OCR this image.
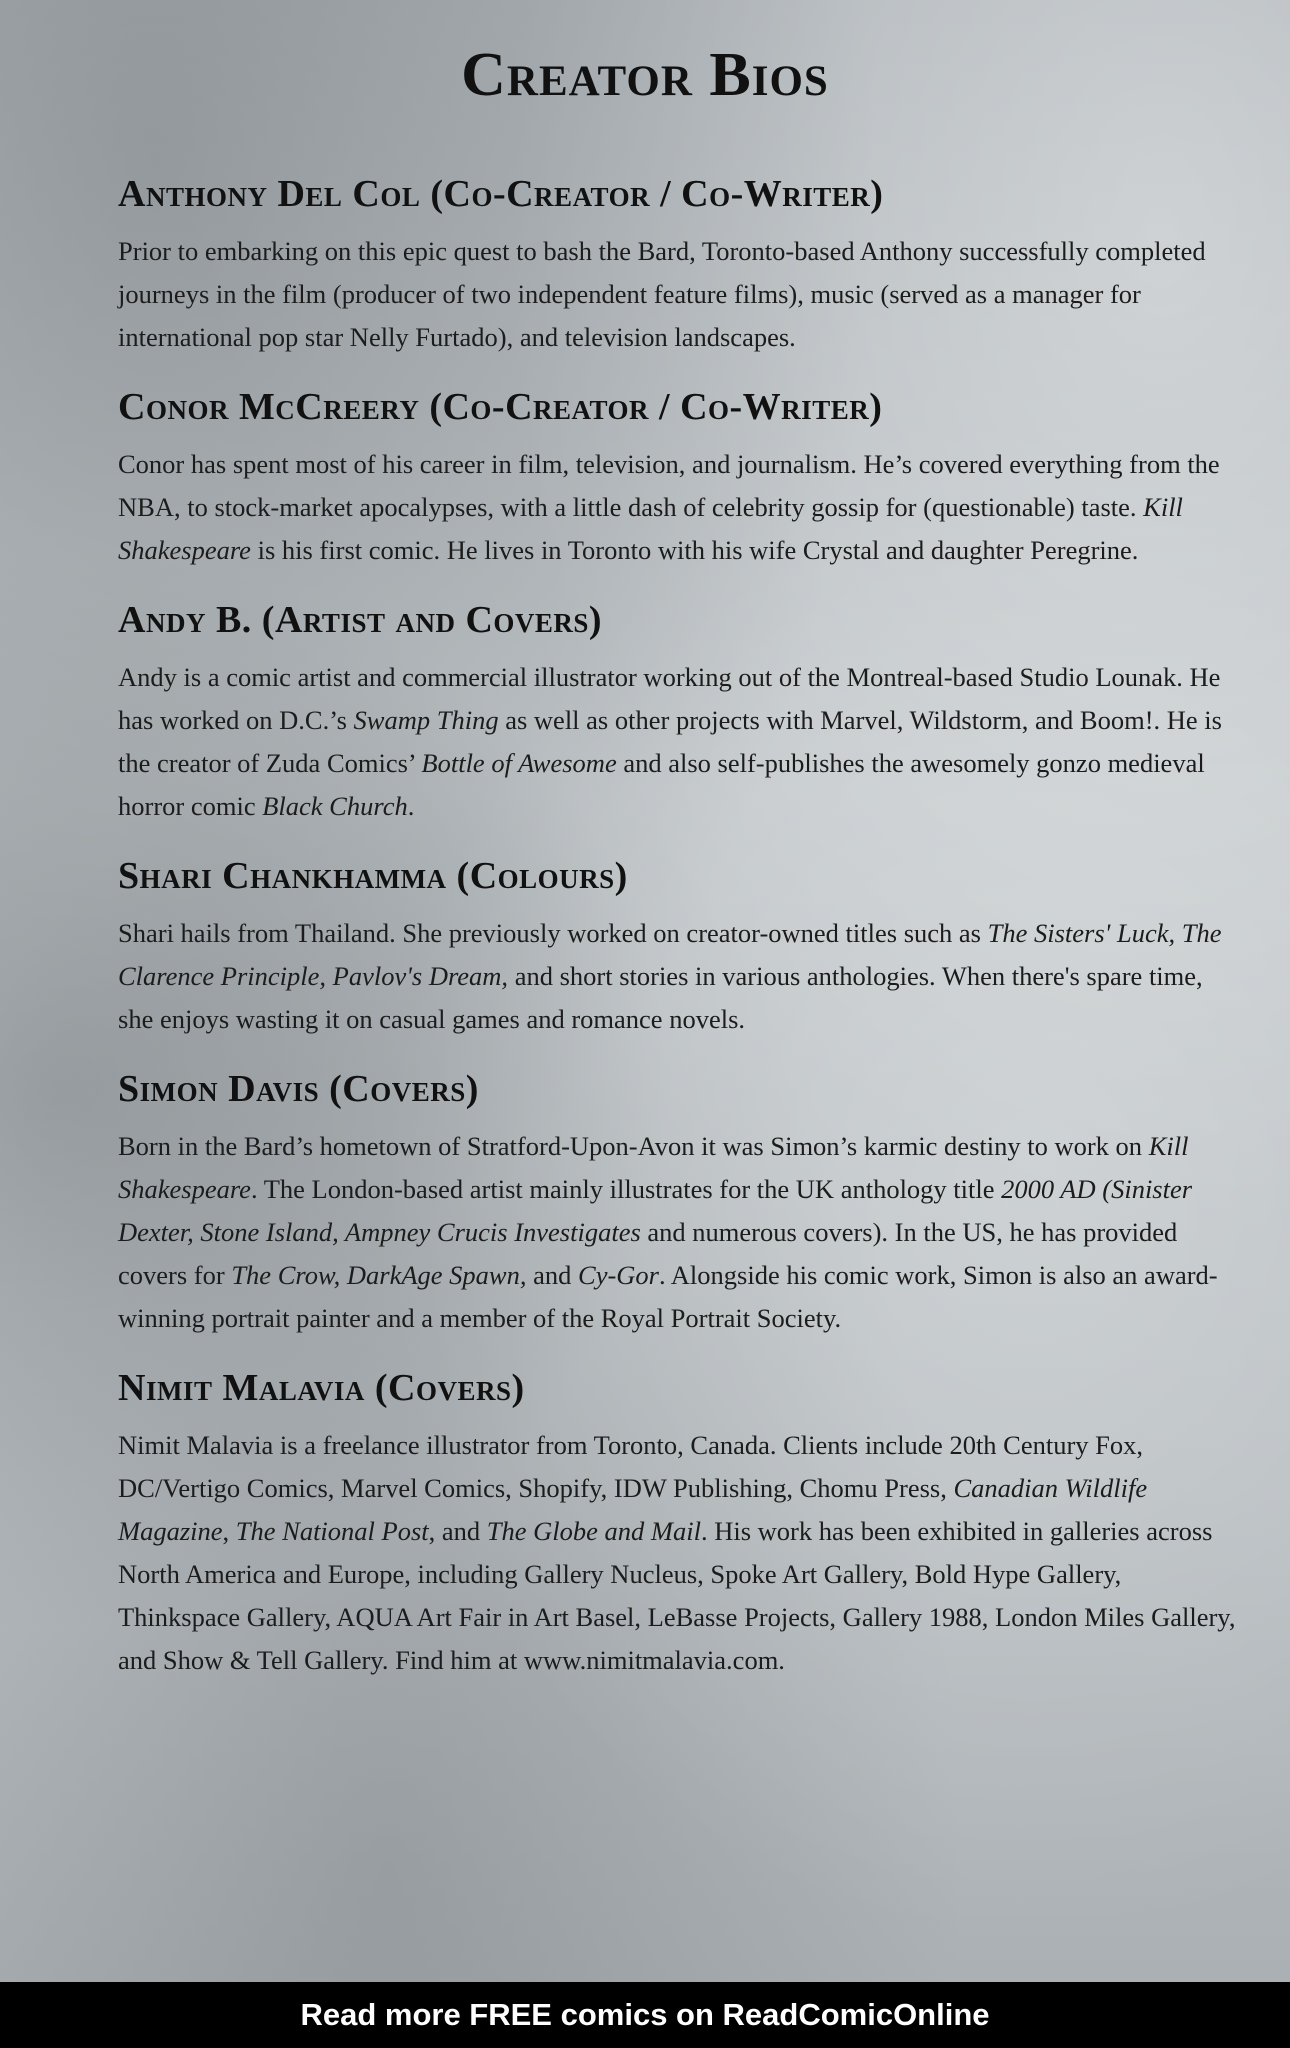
Creator Bios
Anthony Del Col (Co-Creator / Co-Writer)

Prior to embarking on this epic quest to bash the Bard, Toronto-based Anthony successfully completed journeys in the film (producer of two independent feature films), music (served as a manager for international pop star Nelly Furtado), and television landscapes.

Conor McCreery (Co-Creator / Co-Writer)

Conor has spent most of his career in film, television, and journalism. He’s covered everything from the NBA, to stock-market apocalypses, with a little dash of celebrity gossip for (questionable) taste. Kill Shakespeare is his first comic. He lives in Toronto with his wife Crystal and daughter Peregrine.

Andy B. (Artist and Covers)

Andy is a comic artist and commercial illustrator working out of the Montreal-based Studio Lounak. He has worked on D.C.’s Swamp Thing as well as other projects with Marvel, Wildstorm, and Boom!. He is the creator of Zuda Comics’ Bottle of Awesome and also self-publishes the awesomely gonzo medieval horror comic Black Church.

Shari Chankhamma (Colours)

Shari hails from Thailand. She previously worked on creator-owned titles such as The Sisters' Luck, The Clarence Principle, Pavlov's Dream, and short stories in various anthologies. When there's spare time, she enjoys wasting it on casual games and romance novels.

Simon Davis (Covers)

Born in the Bard’s hometown of Stratford-Upon-Avon it was Simon’s karmic destiny to work on Kill Shakespeare. The London-based artist mainly illustrates for the UK anthology title 2000 AD (Sinister Dexter, Stone Island, Ampney Crucis Investigates and numerous covers). In the US, he has provided covers for The Crow, DarkAge Spawn, and Cy-Gor. Alongside his comic work, Simon is also an award-winning portrait painter and a member of the Royal Portrait Society.

Nimit Malavia (Covers)

Nimit Malavia is a freelance illustrator from Toronto, Canada. Clients include 20th Century Fox, DC/Vertigo Comics, Marvel Comics, Shopify, IDW Publishing, Chomu Press, Canadian Wildlife Magazine, The National Post, and The Globe and Mail. His work has been exhibited in galleries across North America and Europe, including Gallery Nucleus, Spoke Art Gallery, Bold Hype Gallery, Thinkspace Gallery, AQUA Art Fair in Art Basel, LeBasse Projects, Gallery 1988, London Miles Gallery, and Show & Tell Gallery. Find him at www.nimitmalavia.com.

Read more FREE comics on ReadComicOnline
